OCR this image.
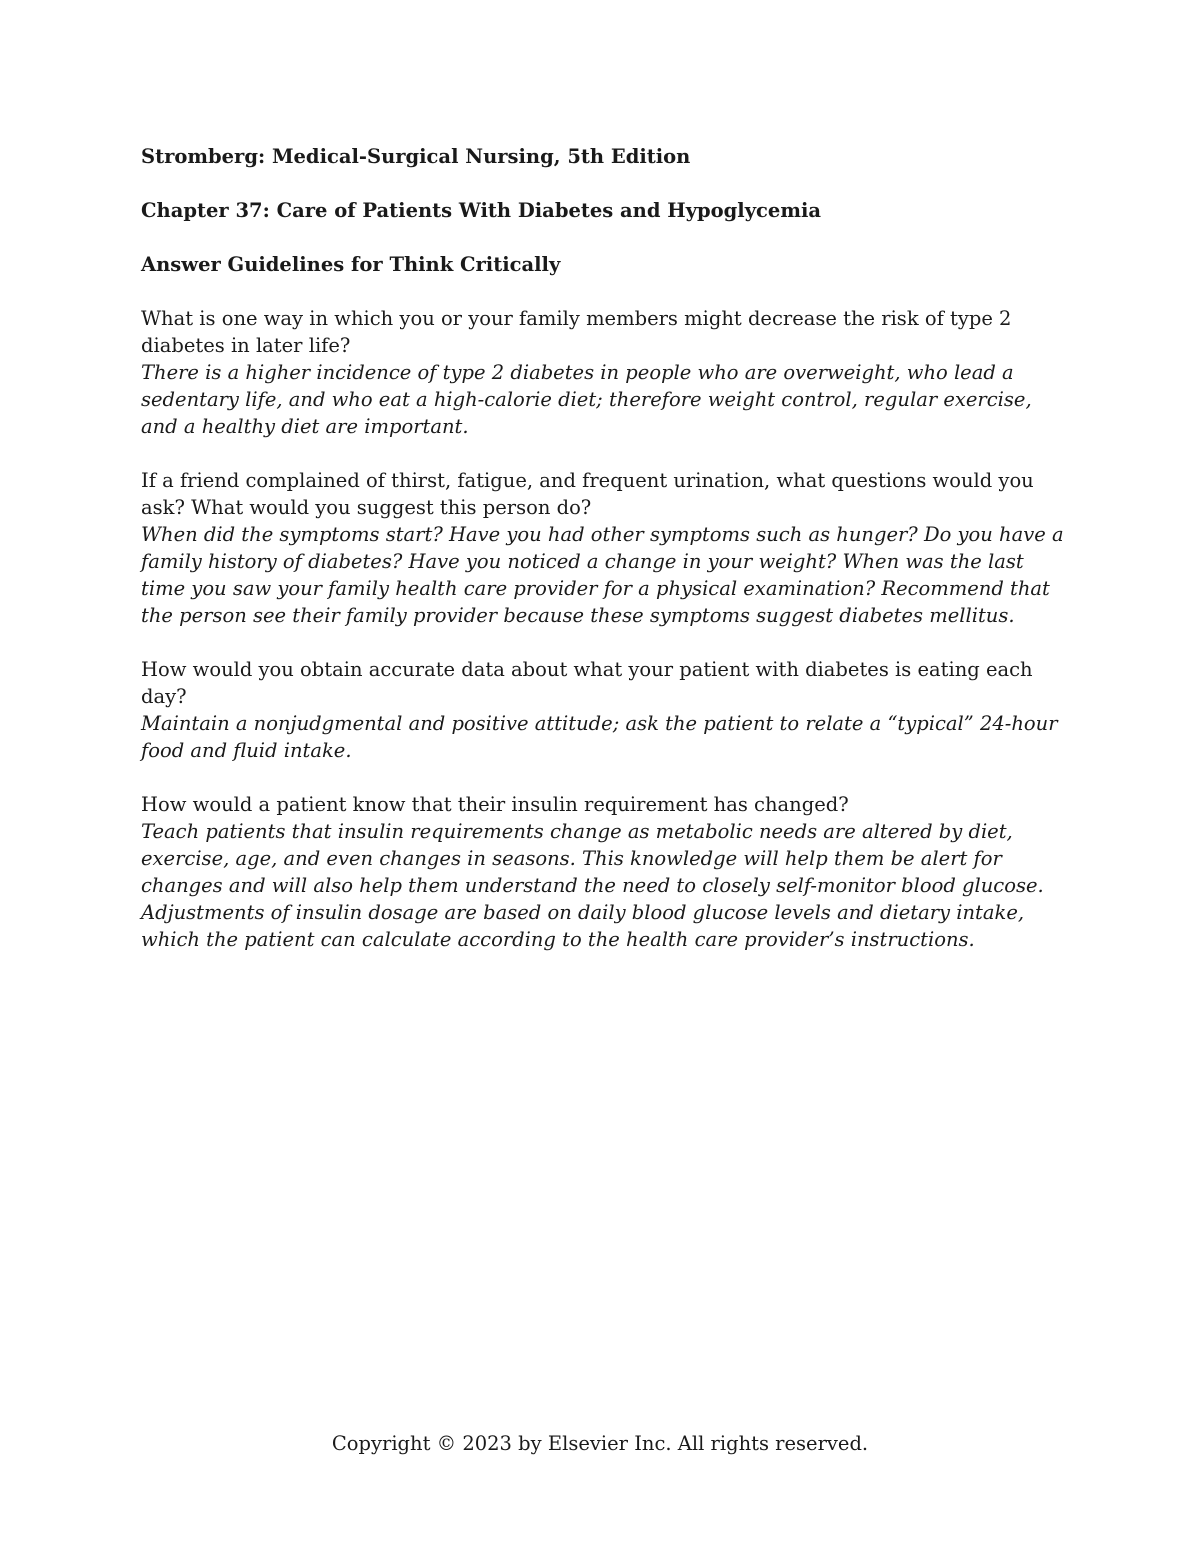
Stromberg: Medical-Surgical Nursing, 5th Edition

Chapter 37: Care of Patients With Diabetes and Hypoglycemia

Answer Guidelines for Think Critically

What is one way in which you or your family members might decrease the risk of type 2 diabetes in later life?

There is a higher incidence of type 2 diabetes in people who are overweight, who lead a sedentary life, and who eat a high-calorie diet; therefore weight control, regular exercise, and a healthy diet are important.

If a friend complained of thirst, fatigue, and frequent urination, what questions would you ask? What would you suggest this person do?

When did the symptoms start? Have you had other symptoms such as hunger? Do you have a family history of diabetes? Have you noticed a change in your weight? When was the last time you saw your family health care provider for a physical examination? Recommend that the person see their family provider because these symptoms suggest diabetes mellitus.

How would you obtain accurate data about what your patient with diabetes is eating each day?

Maintain a nonjudgmental and positive attitude; ask the patient to relate a “typical” 24-hour food and fluid intake.

How would a patient know that their insulin requirement has changed?

Teach patients that insulin requirements change as metabolic needs are altered by diet, exercise, age, and even changes in seasons. This knowledge will help them be alert for changes and will also help them understand the need to closely self-monitor blood glucose. Adjustments of insulin dosage are based on daily blood glucose levels and dietary intake, which the patient can calculate according to the health care provider’s instructions.

Copyright © 2023 by Elsevier Inc. All rights reserved.
